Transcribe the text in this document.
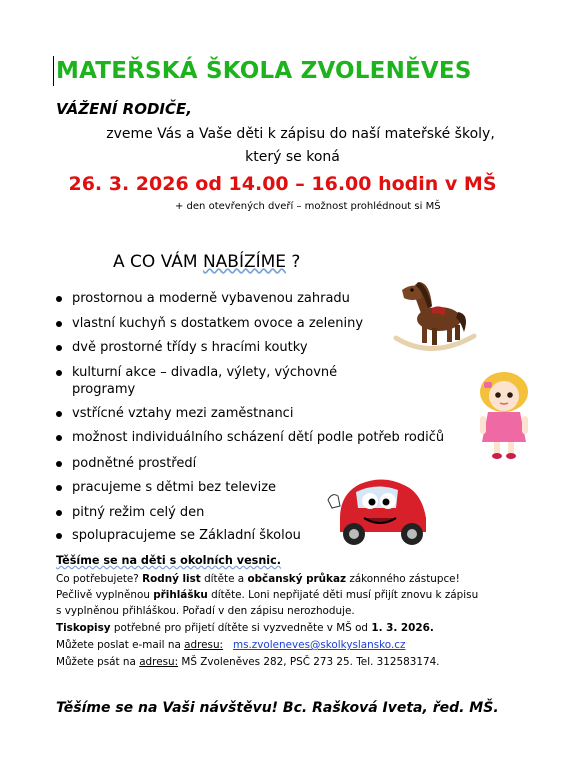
MATEŘSKÁ ŠKOLA ZVOLENĚVES
VÁŽENÍ RODIČE,
zveme Vás a Vaše děti k zápisu do naší mateřské školy,
který se koná
26. 3. 2026 od 14.00 – 16.00 hodin v MŠ
+ den otevřených dveří – možnost prohlédnout si MŠ
A CO VÁM NABÍZÍME ?
prostornou a moderně vybavenou zahradu
vlastní kuchyň s dostatkem ovoce a zeleniny
dvě prostorné třídy s hracími koutky
kulturní akce – divadla, výlety, výchovné programy
vstřícné vztahy mezi zaměstnanci
možnost individuálního scházení dětí podle potřeb rodičů
podnětné prostředí
pracujeme s dětmi bez televize
pitný režim celý den
spolupracujeme se Základní školou
Těšíme se na děti s okolních vesnic.
Co potřebujete? Rodný list dítěte a občanský průkaz zákonného zástupce!
Pečlivě vyplněnou přihlášku dítěte. Loni nepřijaté děti musí přijít znovu k zápisu
s vyplněnou přihláškou. Pořadí v den zápisu nerozhoduje.
Tiskopisy potřebné pro přijetí dítěte si vyzvedněte v MŠ od 1. 3. 2026.
Můžete poslat e-mail na adresu: ms.zvoleneves@skolkyslansko.cz
Můžete psát na adresu: MŠ Zvoleněves 282, PSČ 273 25. Tel. 312583174.
Těšíme se na Vaši návštěvu! Bc. Rašková Iveta, řed. MŠ.
